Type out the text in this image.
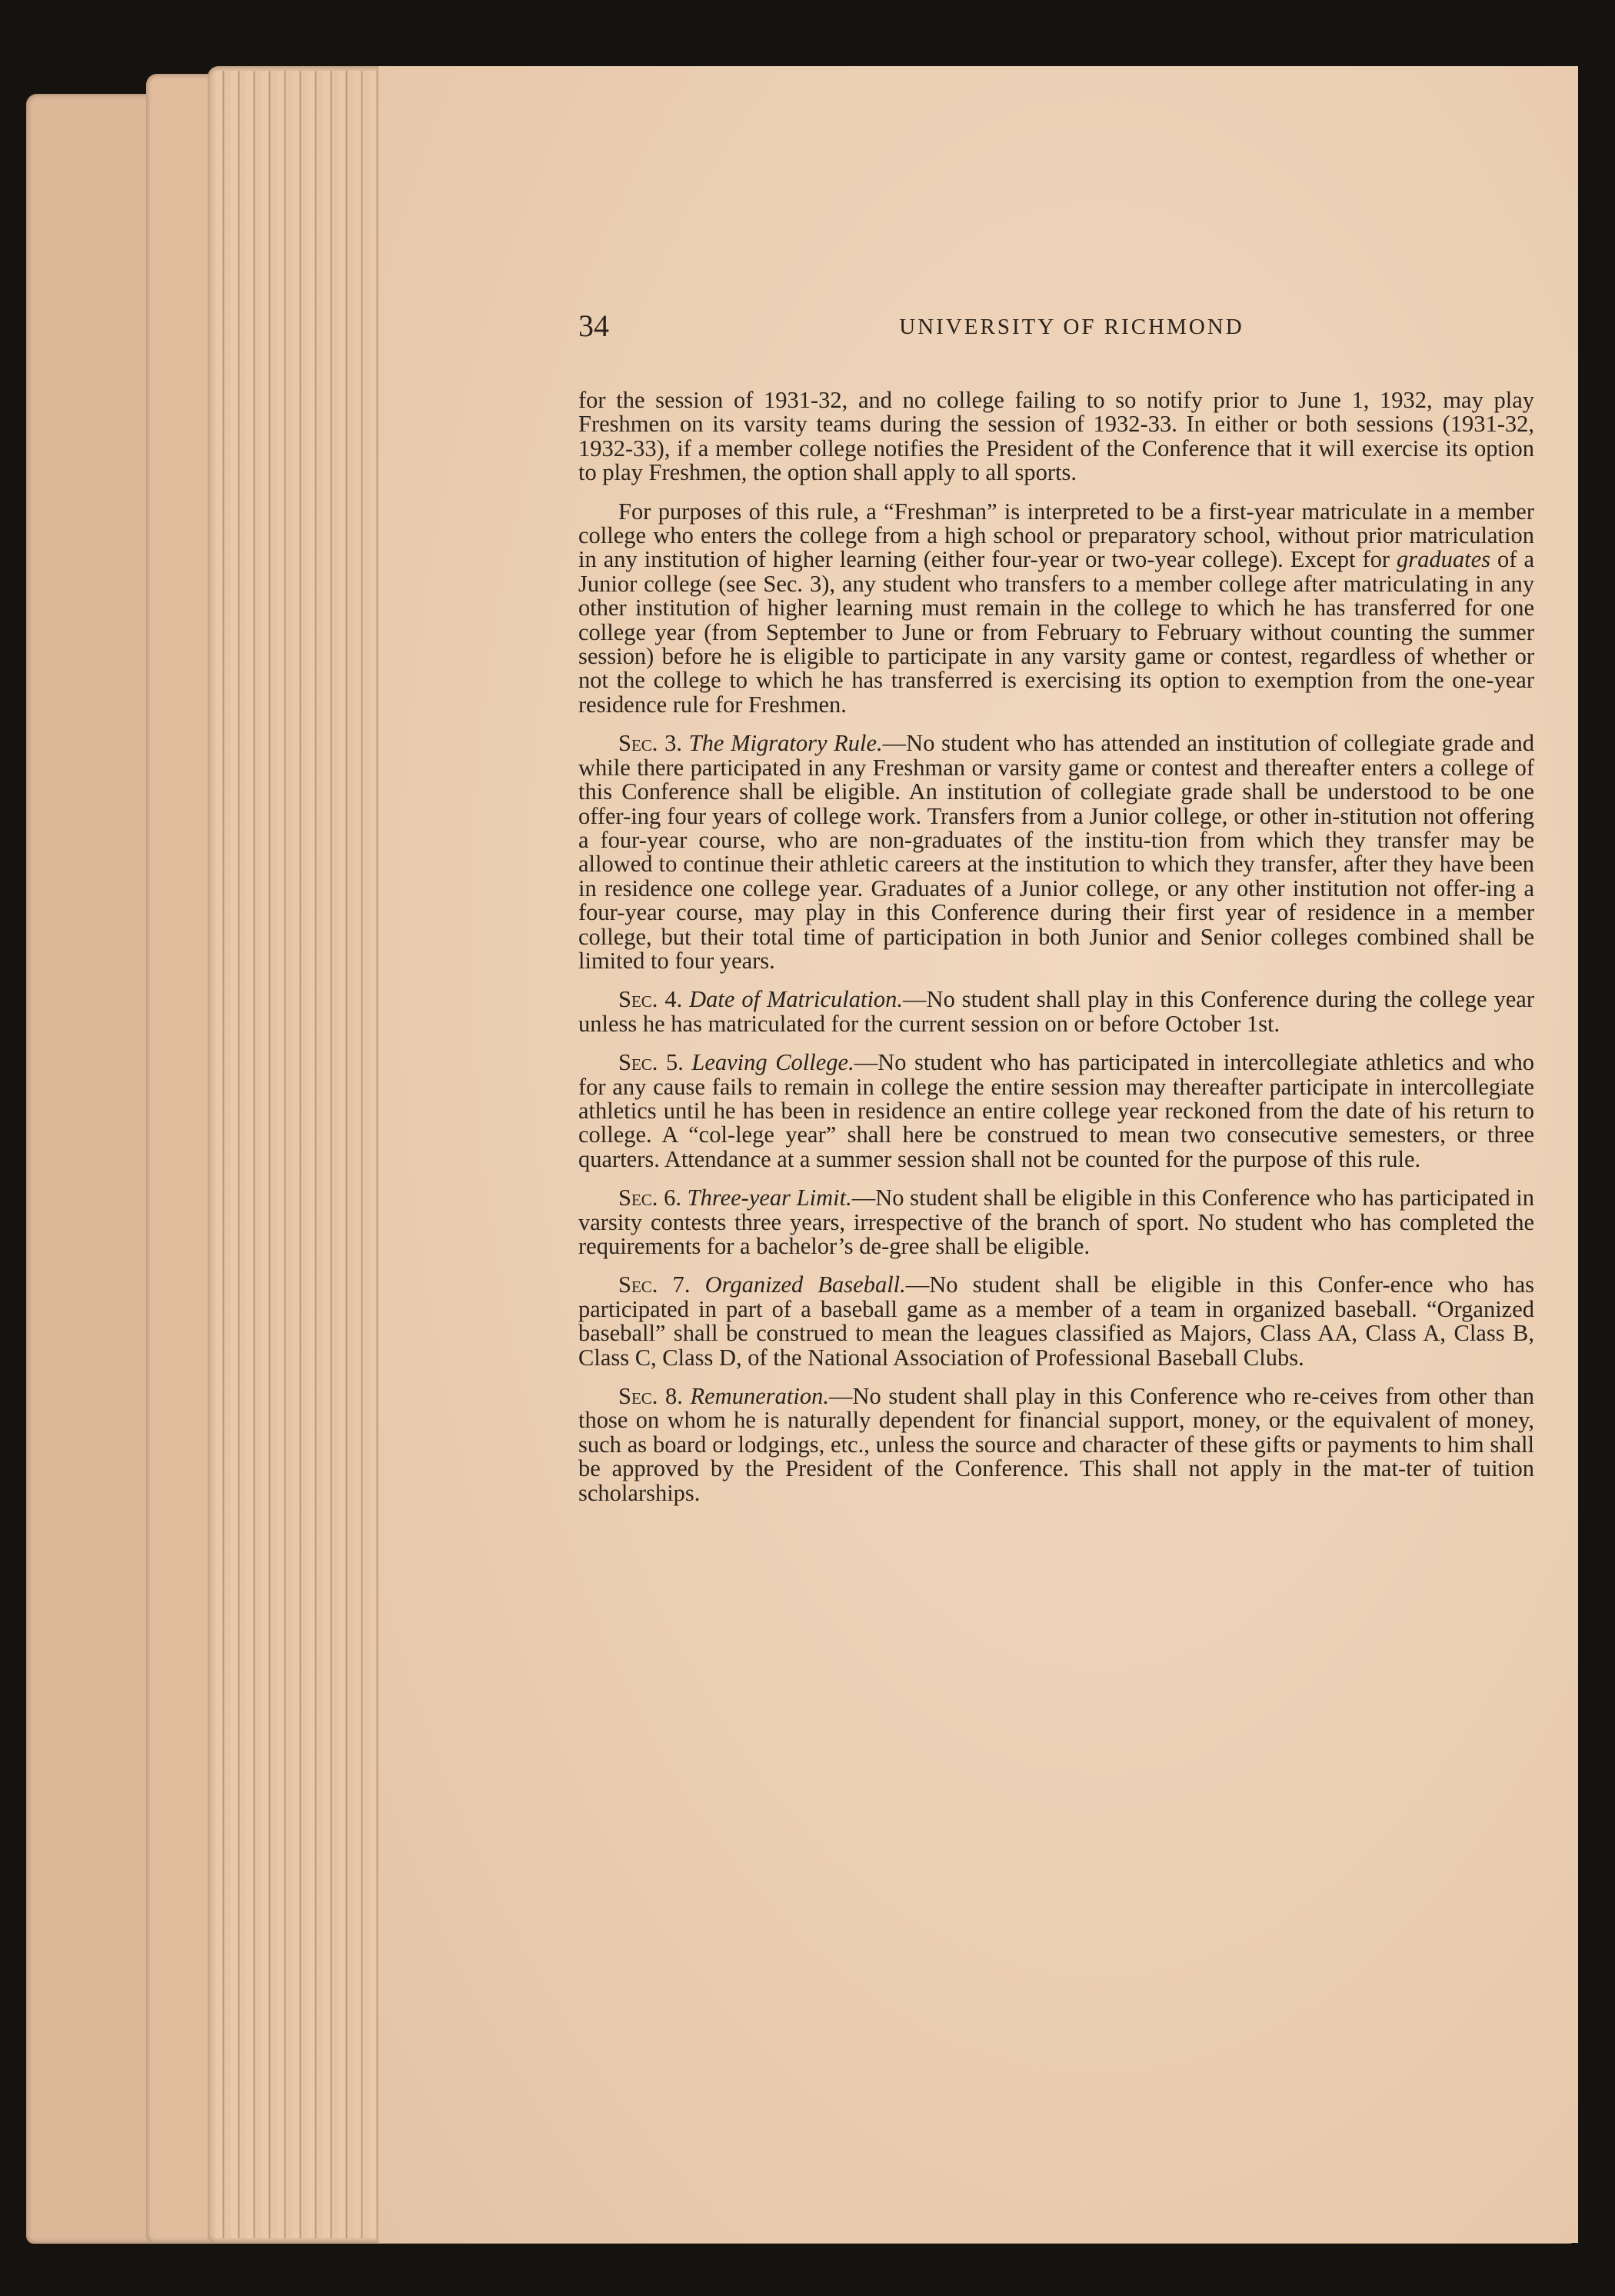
34	UNIVERSITY OF RICHMOND

for the session of 1931-32, and no college failing to so notify prior to June 1, 1932, may play Freshmen on its varsity teams during the session of 1932-33. In either or both sessions (1931-32, 1932-33), if a member college notifies the President of the Conference that it will exercise its option to play Freshmen, the option shall apply to all sports.

For purposes of this rule, a “Freshman” is interpreted to be a first-year matriculate in a member college who enters the college from a high school or preparatory school, without prior matriculation in any institution of higher learning (either four-year or two-year college). Except for graduates of a Junior college (see Sec. 3), any student who transfers to a member college after matriculating in any other institution of higher learning must remain in the college to which he has transferred for one college year (from September to June or from February to February without counting the summer session) before he is eligible to participate in any varsity game or contest, regardless of whether or not the college to which he has transferred is exercising its option to exemption from the one-year residence rule for Freshmen.

Sec. 3. The Migratory Rule.—No student who has attended an institution of collegiate grade and while there participated in any Freshman or varsity game or contest and thereafter enters a college of this Conference shall be eligible. An institution of collegiate grade shall be understood to be one offer-ing four years of college work. Transfers from a Junior college, or other in-stitution not offering a four-year course, who are non-graduates of the institu-tion from which they transfer may be allowed to continue their athletic careers at the institution to which they transfer, after they have been in residence one college year. Graduates of a Junior college, or any other institution not offer-ing a four-year course, may play in this Conference during their first year of residence in a member college, but their total time of participation in both Junior and Senior colleges combined shall be limited to four years.

Sec. 4. Date of Matriculation.—No student shall play in this Conference during the college year unless he has matriculated for the current session on or before October 1st.

Sec. 5. Leaving College.—No student who has participated in intercollegiate athletics and who for any cause fails to remain in college the entire session may thereafter participate in intercollegiate athletics until he has been in residence an entire college year reckoned from the date of his return to college. A “col-lege year” shall here be construed to mean two consecutive semesters, or three quarters. Attendance at a summer session shall not be counted for the purpose of this rule.

Sec. 6. Three-year Limit.—No student shall be eligible in this Conference who has participated in varsity contests three years, irrespective of the branch of sport. No student who has completed the requirements for a bachelor’s de-gree shall be eligible.

Sec. 7. Organized Baseball.—No student shall be eligible in this Confer-ence who has participated in part of a baseball game as a member of a team in organized baseball. “Organized baseball” shall be construed to mean the leagues classified as Majors, Class AA, Class A, Class B, Class C, Class D, of the National Association of Professional Baseball Clubs.

Sec. 8. Remuneration.—No student shall play in this Conference who re-ceives from other than those on whom he is naturally dependent for financial support, money, or the equivalent of money, such as board or lodgings, etc., unless the source and character of these gifts or payments to him shall be approved by the President of the Conference. This shall not apply in the mat-ter of tuition scholarships.
